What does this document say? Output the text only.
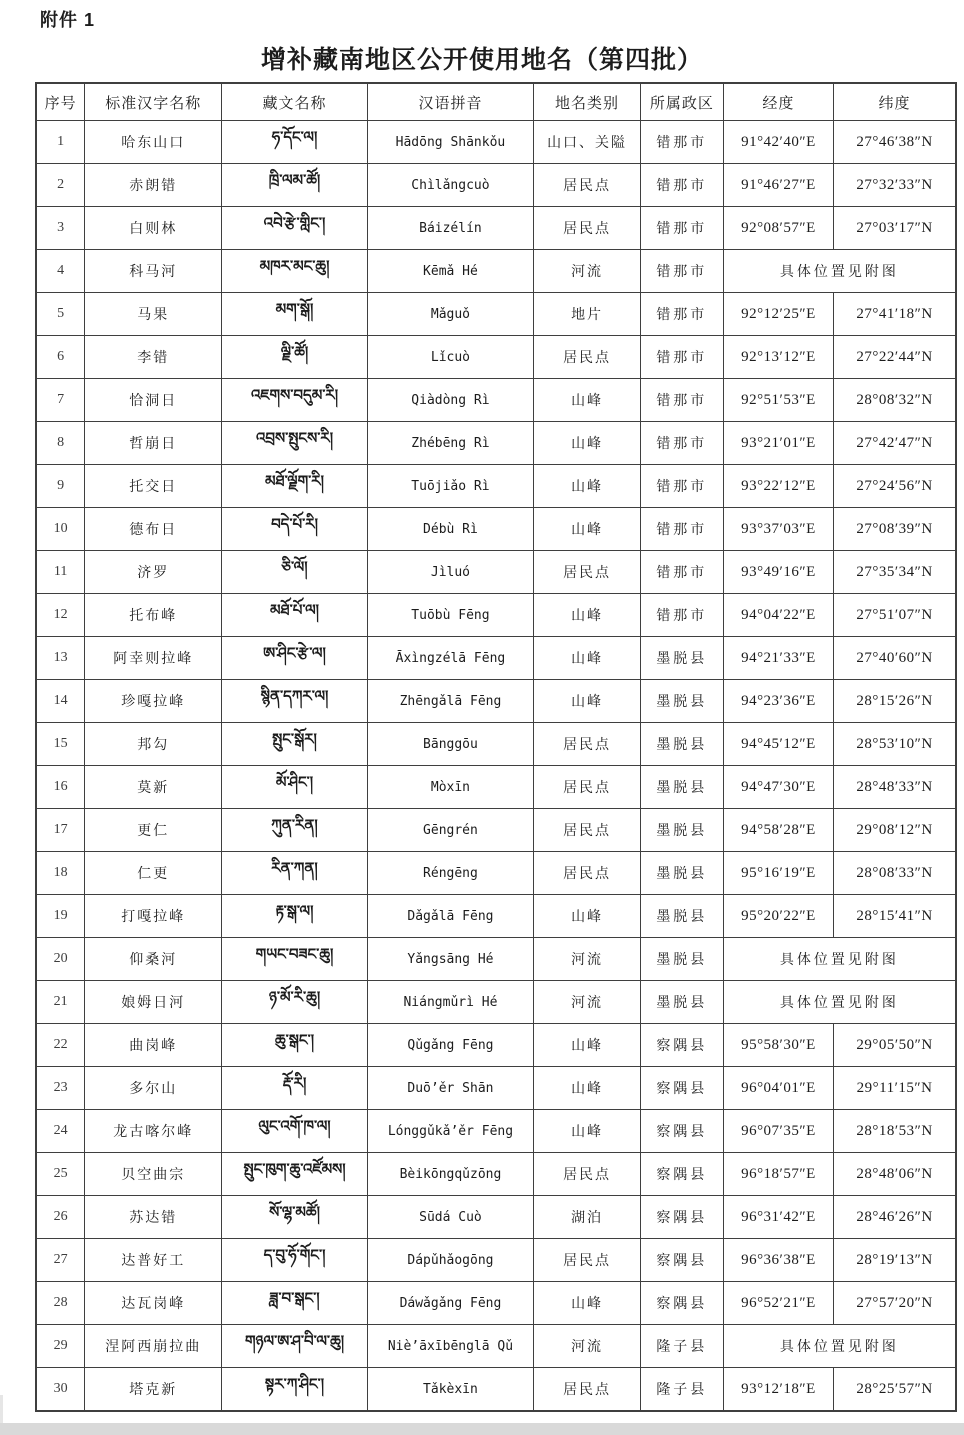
附件 1
增补藏南地区公开使用地名（第四批）
序号	标准汉字名称	藏文名称	汉语拼音	地名类别	所属政区	经度	纬度
1	哈东山口	ཧ་དོང་ལ།	Hādōng Shānkǒu	山口、关隘	错那市	91°42′40″E	27°46′38″N
2	赤朗错	ཁྲི་ལམ་ཚོ།	Chìlǎngcuò	居民点	错那市	91°46′27″E	27°32′33″N
3	白则林	འབེ་རྩེ་གླིང་།	Báizélín	居民点	错那市	92°08′57″E	27°03′17″N
4	科马河	མཁར་མང་ཆུ།	Kēmǎ Hé	河流	错那市	具体位置见附图	
5	马果	མག་སྒོ།	Mǎguǒ	地片	错那市	92°12′25″E	27°41′18″N
6	李错	ལྗི་ཚོ།	Lǐcuò	居民点	错那市	92°13′12″E	27°22′44″N
7	恰洞日	འཇགས་བདུམ་རི།	Qiàdòng Rì	山峰	错那市	92°51′53″E	28°08′32″N
8	哲崩日	འབྲས་སྤུངས་རི།	Zhébēng Rì	山峰	错那市	93°21′01″E	27°42′47″N
9	托交日	མཐོ་ལྗོག་རི།	Tuōjiǎo Rì	山峰	错那市	93°22′12″E	27°24′56″N
10	德布日	བདེ་པོ་རི།	Débù Rì	山峰	错那市	93°37′03″E	27°08′39″N
11	济罗	ཅི་ལོ།	Jìluó	居民点	错那市	93°49′16″E	27°35′34″N
12	托布峰	མཐོ་པོ་ལ།	Tuōbù Fēng	山峰	错那市	94°04′22″E	27°51′07″N
13	阿幸则拉峰	ཨ་ཤིང་རྩེ་ལ།	Āxìngzélā Fēng	山峰	墨脱县	94°21′33″E	27°40′60″N
14	珍嘎拉峰	སྙིན་དཀར་ལ།	Zhēngǎlā Fēng	山峰	墨脱县	94°23′36″E	28°15′26″N
15	邦勾	སྤུང་སྒོར།	Bānggōu	居民点	墨脱县	94°45′12″E	28°53′10″N
16	莫新	མོ་ཤིང་།	Mòxīn	居民点	墨脱县	94°47′30″E	28°48′33″N
17	更仁	ཀུན་རིན།	Gēngrén	居民点	墨脱县	94°58′28″E	29°08′12″N
18	仁更	རིན་ཀན།	Réngēng	居民点	墨脱县	95°16′19″E	28°08′33″N
19	打嘎拉峰	རྟ་སྒ་ལ།	Dǎgǎlā Fēng	山峰	墨脱县	95°20′22″E	28°15′41″N
20	仰桑河	གཡང་བཟང་ཆུ།	Yǎngsāng Hé	河流	墨脱县	具体位置见附图	
21	娘姆日河	ཉ་མོ་རི་ཆུ།	Niángmǔrì Hé	河流	墨脱县	具体位置见附图	
22	曲岗峰	ཆུ་སྒང་།	Qǔgǎng Fēng	山峰	察隅县	95°58′30″E	29°05′50″N
23	多尔山	རྡོ་རི།	Duō’ěr Shān	山峰	察隅县	96°04′01″E	29°11′15″N
24	龙古喀尔峰	ལུང་འགོ་ཁ་ལ།	Lónggǔkǎ’ěr Fēng	山峰	察隅县	96°07′35″E	28°18′53″N
25	贝空曲宗	སྤུང་ཁུག་ཆུ་འཛོམས།	Bèikōngqǔzōng	居民点	察隅县	96°18′57″E	28°48′06″N
26	苏达错	སོ་ལྷ་མཚོ།	Sūdá Cuò	湖泊	察隅县	96°31′42″E	28°46′26″N
27	达普好工	ད་བུ་ཧོ་གོང་།	Dápǔhǎogōng	居民点	察隅县	96°36′38″E	28°19′13″N
28	达瓦岗峰	ཟླ་བ་སྒང་།	Dáwǎgǎng Fēng	山峰	察隅县	96°52′21″E	27°57′20″N
29	涅阿西崩拉曲	གཉལ་ཨ་ཤ་བི་ལ་ཆུ།	Niè’āxībēnglā Qǔ	河流	隆子县	具体位置见附图	
30	塔克新	སྟར་ཀ་ཤིང་།	Tǎkèxīn	居民点	隆子县	93°12′18″E	28°25′57″N
